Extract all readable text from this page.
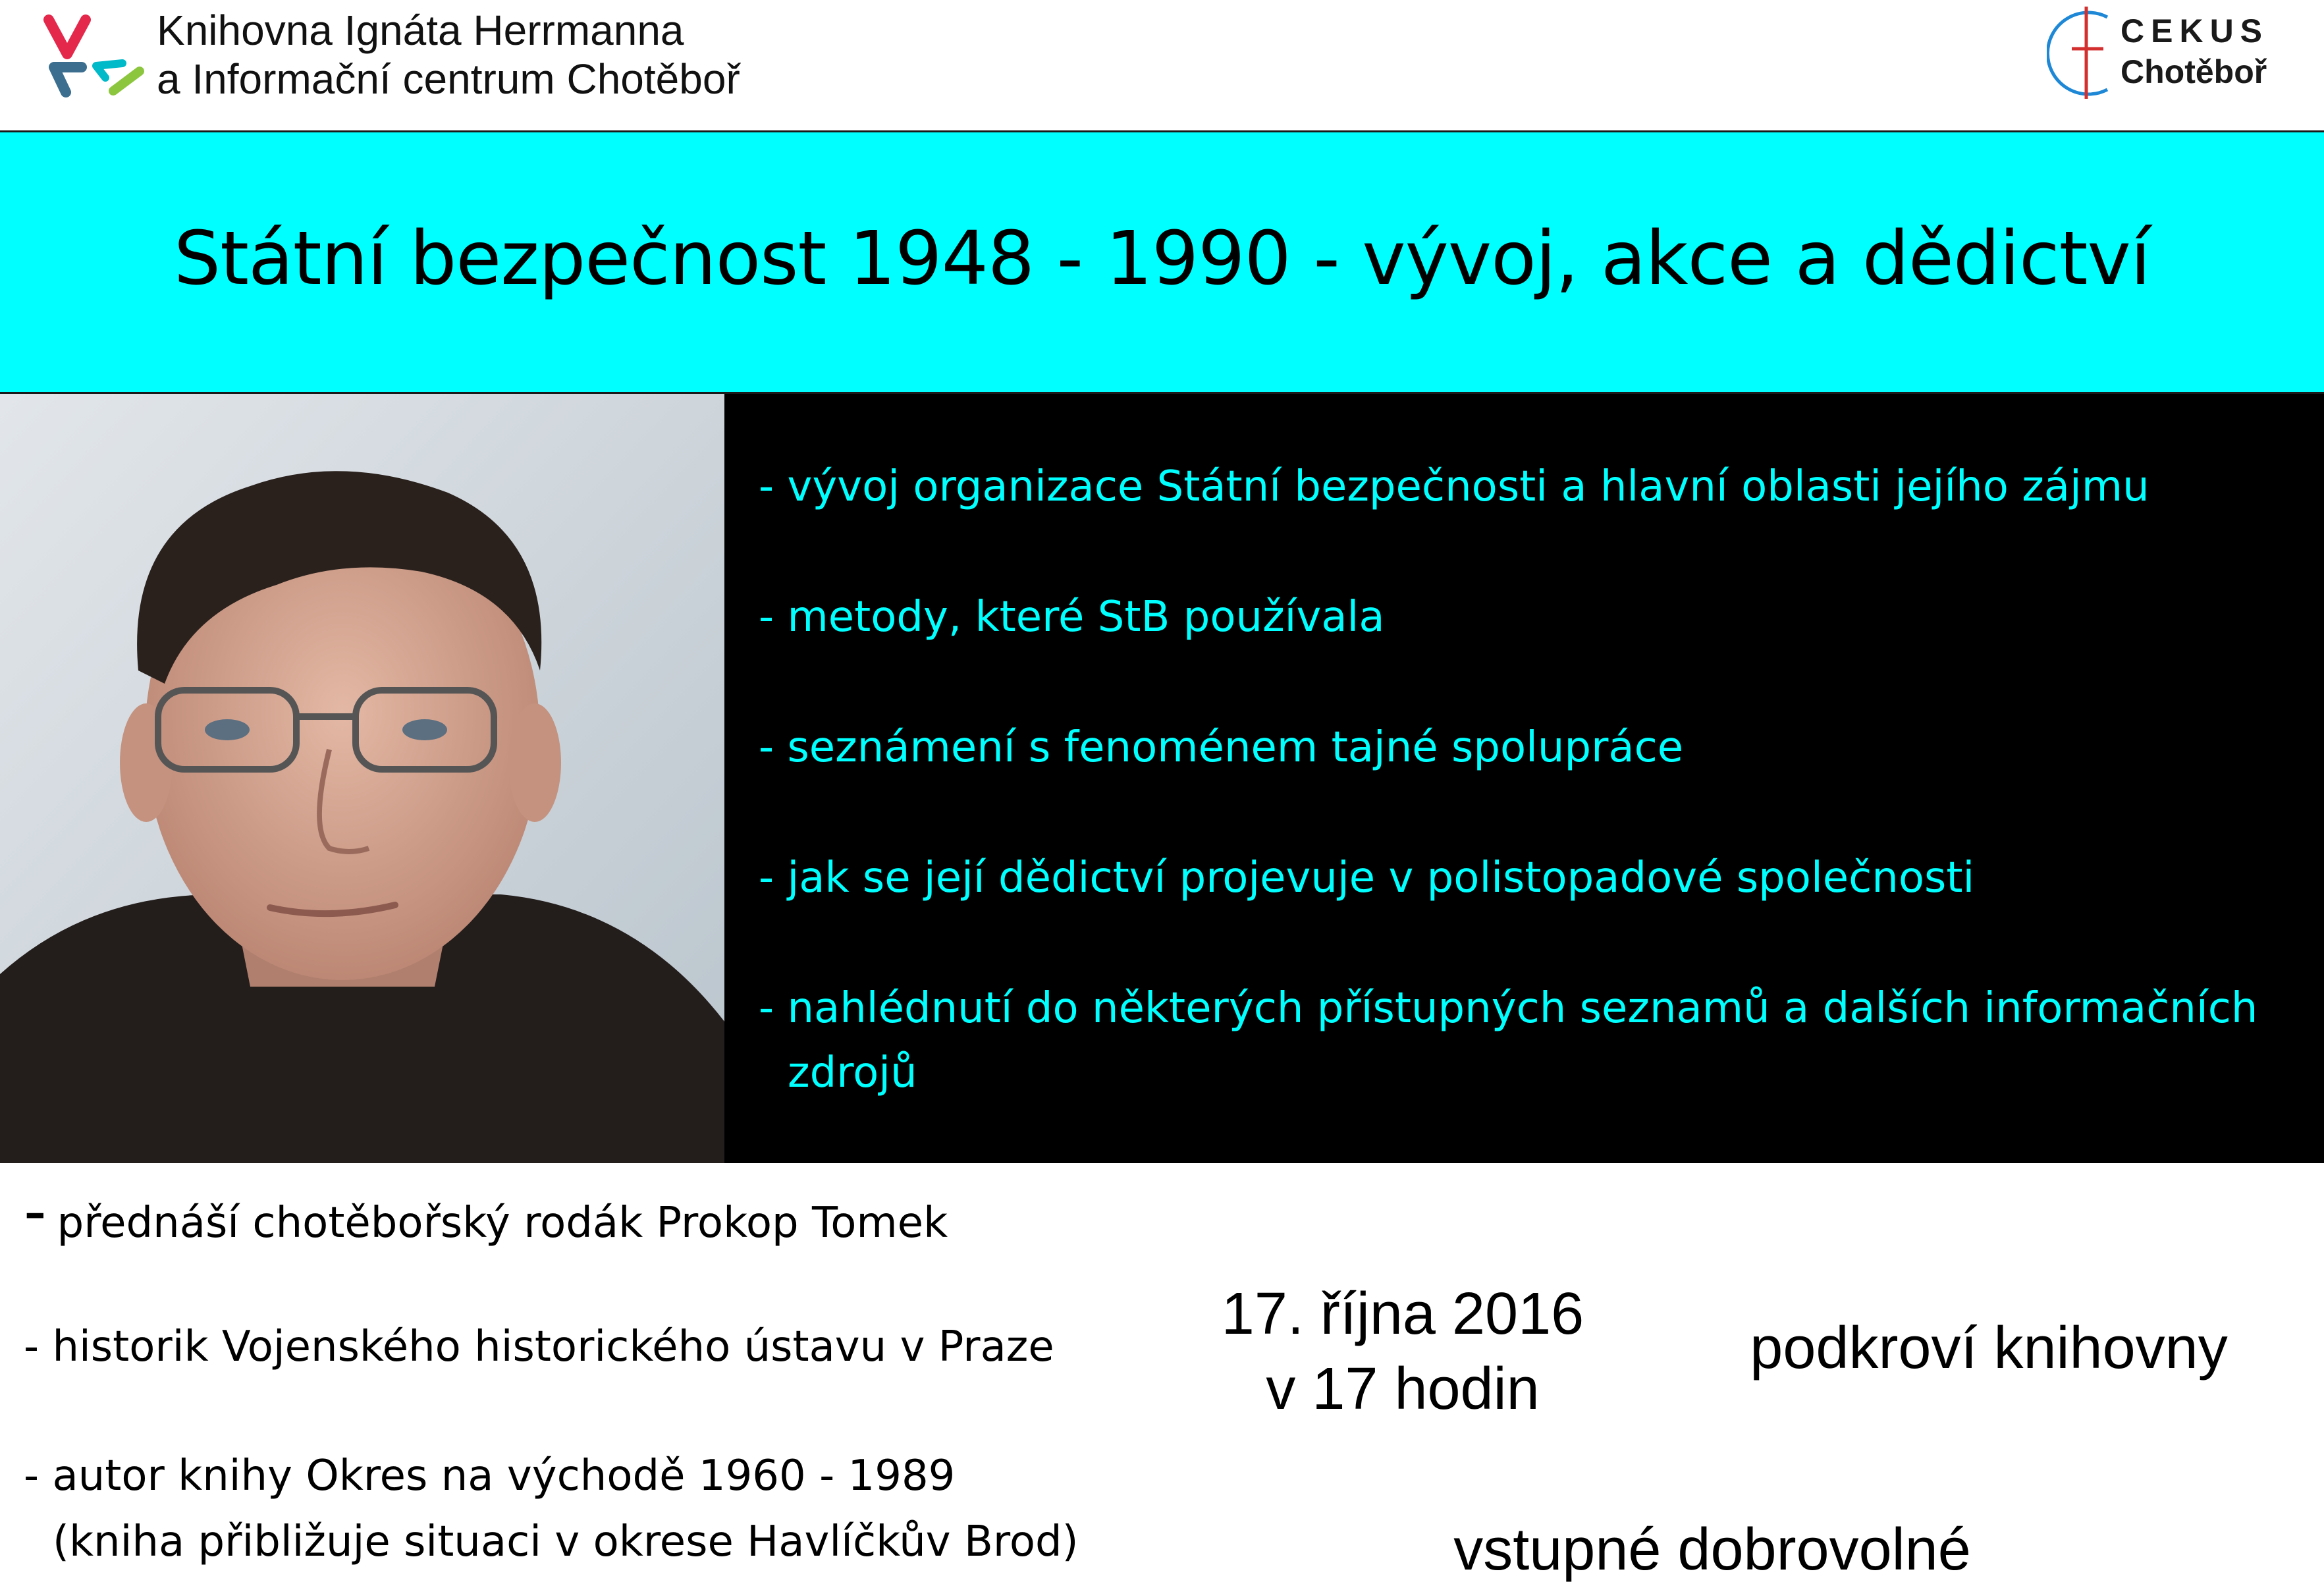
Knihovna Ignáta Herrmanna
a Informační centrum Chotěboř
CEKUS
Chotěboř
Státní bezpečnost 1948 - 1990 - vývoj, akce a dědictví
- vývoj organizace Státní bezpečnosti a hlavní oblasti jejího zájmu
- metody, které StB používala
- seznámení s fenoménem tajné spolupráce
- jak se její dědictví projevuje v polistopadové společnosti
- nahlédnutí do některých přístupných seznamů a dalších informačních
zdrojů
- přednáší chotěbořský rodák Prokop Tomek
- historik Vojenského historického ústavu v Praze
- autor knihy Okres na východě 1960 - 1989
(kniha přibližuje situaci v okrese Havlíčkův Brod)
17. října 2016
v 17 hodin
podkroví knihovny
vstupné dobrovolné
